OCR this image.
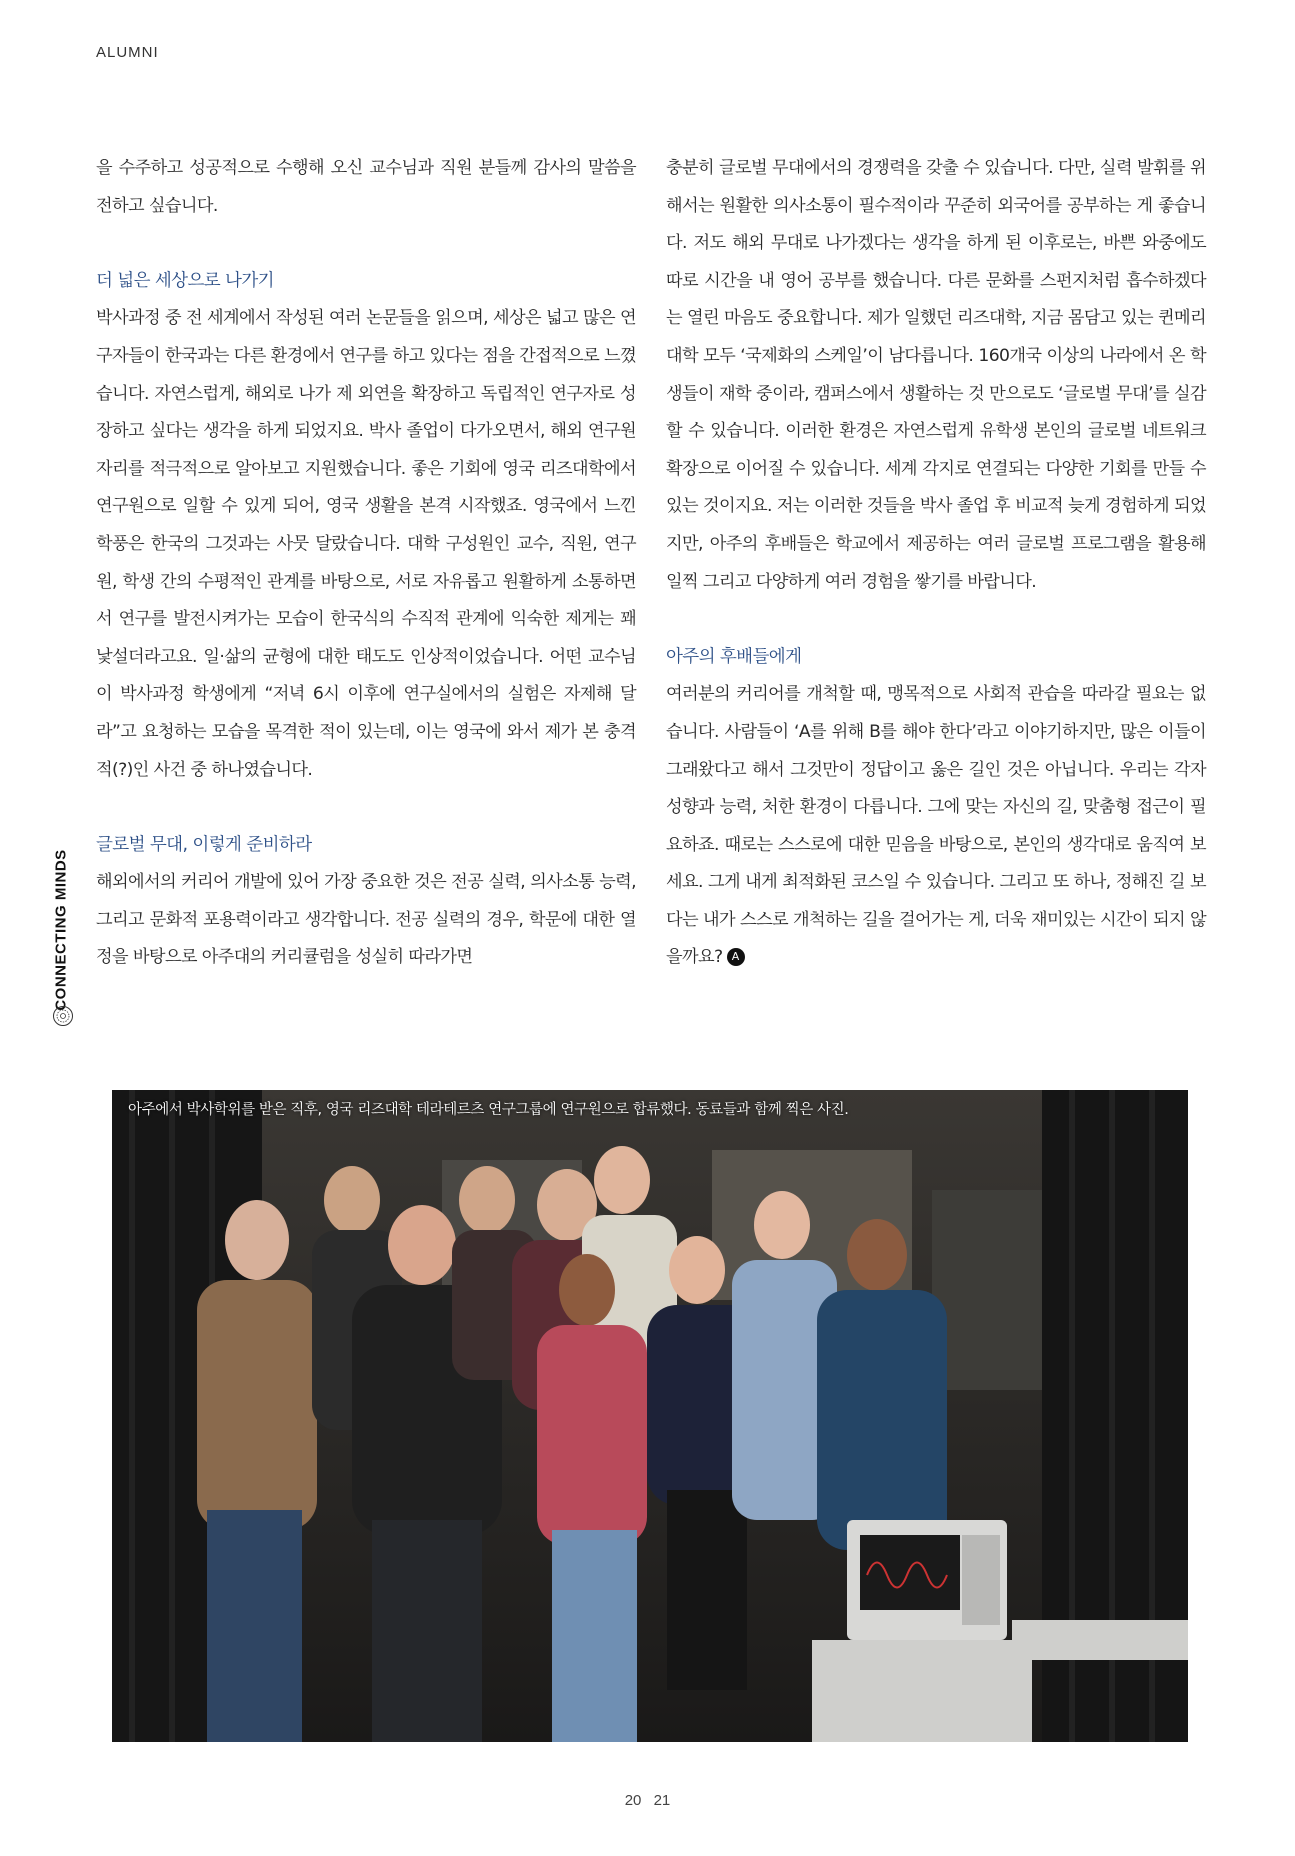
ALUMNI

을 수주하고 성공적으로 수행해 오신 교수님과 직원 분들께 감사의 말씀을 전하고 싶습니다.

더 넓은 세상으로 나가기

박사과정 중 전 세계에서 작성된 여러 논문들을 읽으며, 세상은 넓고 많은 연구자들이 한국과는 다른 환경에서 연구를 하고 있다는 점을 간접적으로 느꼈습니다. 자연스럽게, 해외로 나가 제 외연을 확장하고 독립적인 연구자로 성장하고 싶다는 생각을 하게 되었지요. 박사 졸업이 다가오면서, 해외 연구원 자리를 적극적으로 알아보고 지원했습니다. 좋은 기회에 영국 리즈대학에서 연구원으로 일할 수 있게 되어, 영국 생활을 본격 시작했죠. 영국에서 느낀 학풍은 한국의 그것과는 사뭇 달랐습니다. 대학 구성원인 교수, 직원, 연구원, 학생 간의 수평적인 관계를 바탕으로, 서로 자유롭고 원활하게 소통하면서 연구를 발전시켜가는 모습이 한국식의 수직적 관계에 익숙한 제게는 꽤 낯설더라고요. 일·삶의 균형에 대한 태도도 인상적이었습니다. 어떤 교수님이 박사과정 학생에게 “저녁 6시 이후에 연구실에서의 실험은 자제해 달라”고 요청하는 모습을 목격한 적이 있는데, 이는 영국에 와서 제가 본 충격적(?)인 사건 중 하나였습니다.

글로벌 무대, 이렇게 준비하라

해외에서의 커리어 개발에 있어 가장 중요한 것은 전공 실력, 의사소통 능력, 그리고 문화적 포용력이라고 생각합니다. 전공 실력의 경우, 학문에 대한 열정을 바탕으로 아주대의 커리큘럼을 성실히 따라가면

충분히 글로벌 무대에서의 경쟁력을 갖출 수 있습니다. 다만, 실력 발휘를 위해서는 원활한 의사소통이 필수적이라 꾸준히 외국어를 공부하는 게 좋습니다. 저도 해외 무대로 나가겠다는 생각을 하게 된 이후로는, 바쁜 와중에도 따로 시간을 내 영어 공부를 했습니다. 다른 문화를 스펀지처럼 흡수하겠다는 열린 마음도 중요합니다. 제가 일했던 리즈대학, 지금 몸담고 있는 퀸메리대학 모두 ‘국제화의 스케일’이 남다릅니다. 160개국 이상의 나라에서 온 학생들이 재학 중이라, 캠퍼스에서 생활하는 것 만으로도 ‘글로벌 무대’를 실감할 수 있습니다. 이러한 환경은 자연스럽게 유학생 본인의 글로벌 네트워크 확장으로 이어질 수 있습니다. 세계 각지로 연결되는 다양한 기회를 만들 수 있는 것이지요. 저는 이러한 것들을 박사 졸업 후 비교적 늦게 경험하게 되었지만, 아주의 후배들은 학교에서 제공하는 여러 글로벌 프로그램을 활용해 일찍 그리고 다양하게 여러 경험을 쌓기를 바랍니다.

아주의 후배들에게

여러분의 커리어를 개척할 때, 맹목적으로 사회적 관습을 따라갈 필요는 없습니다. 사람들이 ‘A를 위해 B를 해야 한다’라고 이야기하지만, 많은 이들이 그래왔다고 해서 그것만이 정답이고 옳은 길인 것은 아닙니다. 우리는 각자 성향과 능력, 처한 환경이 다릅니다. 그에 맞는 자신의 길, 맞춤형 접근이 필요하죠. 때로는 스스로에 대한 믿음을 바탕으로, 본인의 생각대로 움직여 보세요. 그게 내게 최적화된 코스일 수 있습니다. 그리고 또 하나, 정해진 길 보다는 내가 스스로 개척하는 길을 걸어가는 게, 더욱 재미있는 시간이 되지 않을까요? A

CONNECTING MINDS
아주에서 박사학위를 받은 직후, 영국 리즈대학 테라테르츠 연구그룹에 연구원으로 합류했다. 동료들과 함께 찍은 사진.
20 21
